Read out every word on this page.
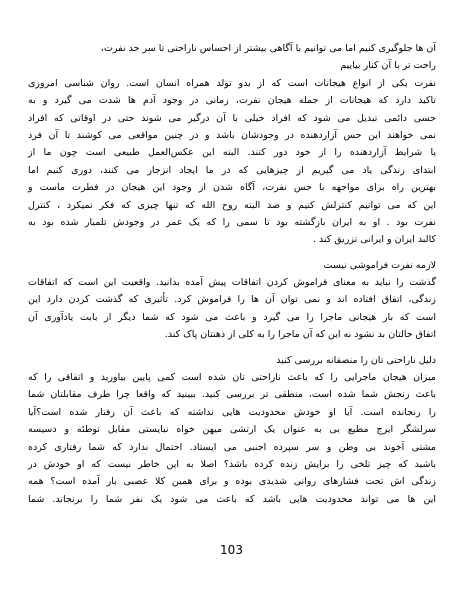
آن ها جلوگیری کنیم اما می توانیم با آگاهی بیشتر از احساس ناراحتی تا سر حد نفرت،
راحت تر با آن کنار بیاییم
نفرت یکی از انواع هیجانات است که از بدو تولد همراه انسان است. روان شناسی امروزی
تاکید دارد که هیجانات از جمله هیجان نفرت، زمانی در وجود آدم ها شدت می گیرد و به
حسی دائمی تبدیل می شود که افراد خیلی با آن درگیر می شوند حتی در اوقاتی که افراد
نمی خواهند این حس آزاردهنده در وجودشان باشد و در چنین مواقعی می کوشند تا آن فرد
یا شرایط آزاردهنده را از خود دور کنند. البته این عکس‌العمل طبیعی است چون ما از
ابتدای زندگی یاد می گیریم از چیزهایی که در ما ایجاد انزجار می کنند، دوری کنیم اما
بهترین راه برای مواجهه با حس نفرت، آگاه شدن از وجود این هیجان در فطرت ماست و
این که می توانیم کنترلش کنیم و صد البته روح الله که تنها چیزی که فکر نمیکرد ، کنترل
نفرت بود . او به ایران بازگشته بود تا سمی را که یک عمر در وجودش تلمبار شده بود به
کالبد ایران و ایرانی تزریق کند .
لازمه نفرت فراموشی نیست
گذشت را نباید به معنای فراموش کردن اتفاقات پیش آمده بدانید. واقعیت این است که اتفاقات
زندگی، اتفاق افتاده اند و نمی توان آن ها را فراموش کرد. تأثیری که گذشت کردن دارد این
است که بار هیجانی ماجرا را می گیرد و باعث می شود که شما دیگر از بابت یادآوری آن
اتفاق حالتان بد نشود نه این که آن ماجرا را به کلی از ذهنتان پاک کند.
دلیل ناراحتی تان را منصفانه بررسی کنید
میزان هیجان ماجرایی را که باعث ناراحتی تان شده است کمی پایین بیاورید و اتفاقی را که
باعث رنجش شما شده است، منطقی تر بررسی کنید. ببینید که واقعا چرا طرف مقابلتان شما
را رنجانده است. آیا او خودش محدودیت هایی نداشته که باعث آن رفتار شده است؟آیا
سرلشگر ایرج مطیع‌ بی به عنوان یک ارتشی میهن خواه نبایستی مقابل توطئه و دسیسه
مشتی آخوند بی وطن و سر سپرده اجنبی می ایستاد. احتمال ندارد که شما رفتاری کرده
باشید که چیز تلخی را برایش زنده کرده باشد؟ اصلا به این خاطر نیست که او خودش در
زندگی اش تحت فشارهای روانی شدیدی بوده و برای همین کلا عصبی بار آمده است؟ همه
این ها می تواند محدودیت هایی باشد که باعث می شود یک نفر شما را برنجاند. شما
103
